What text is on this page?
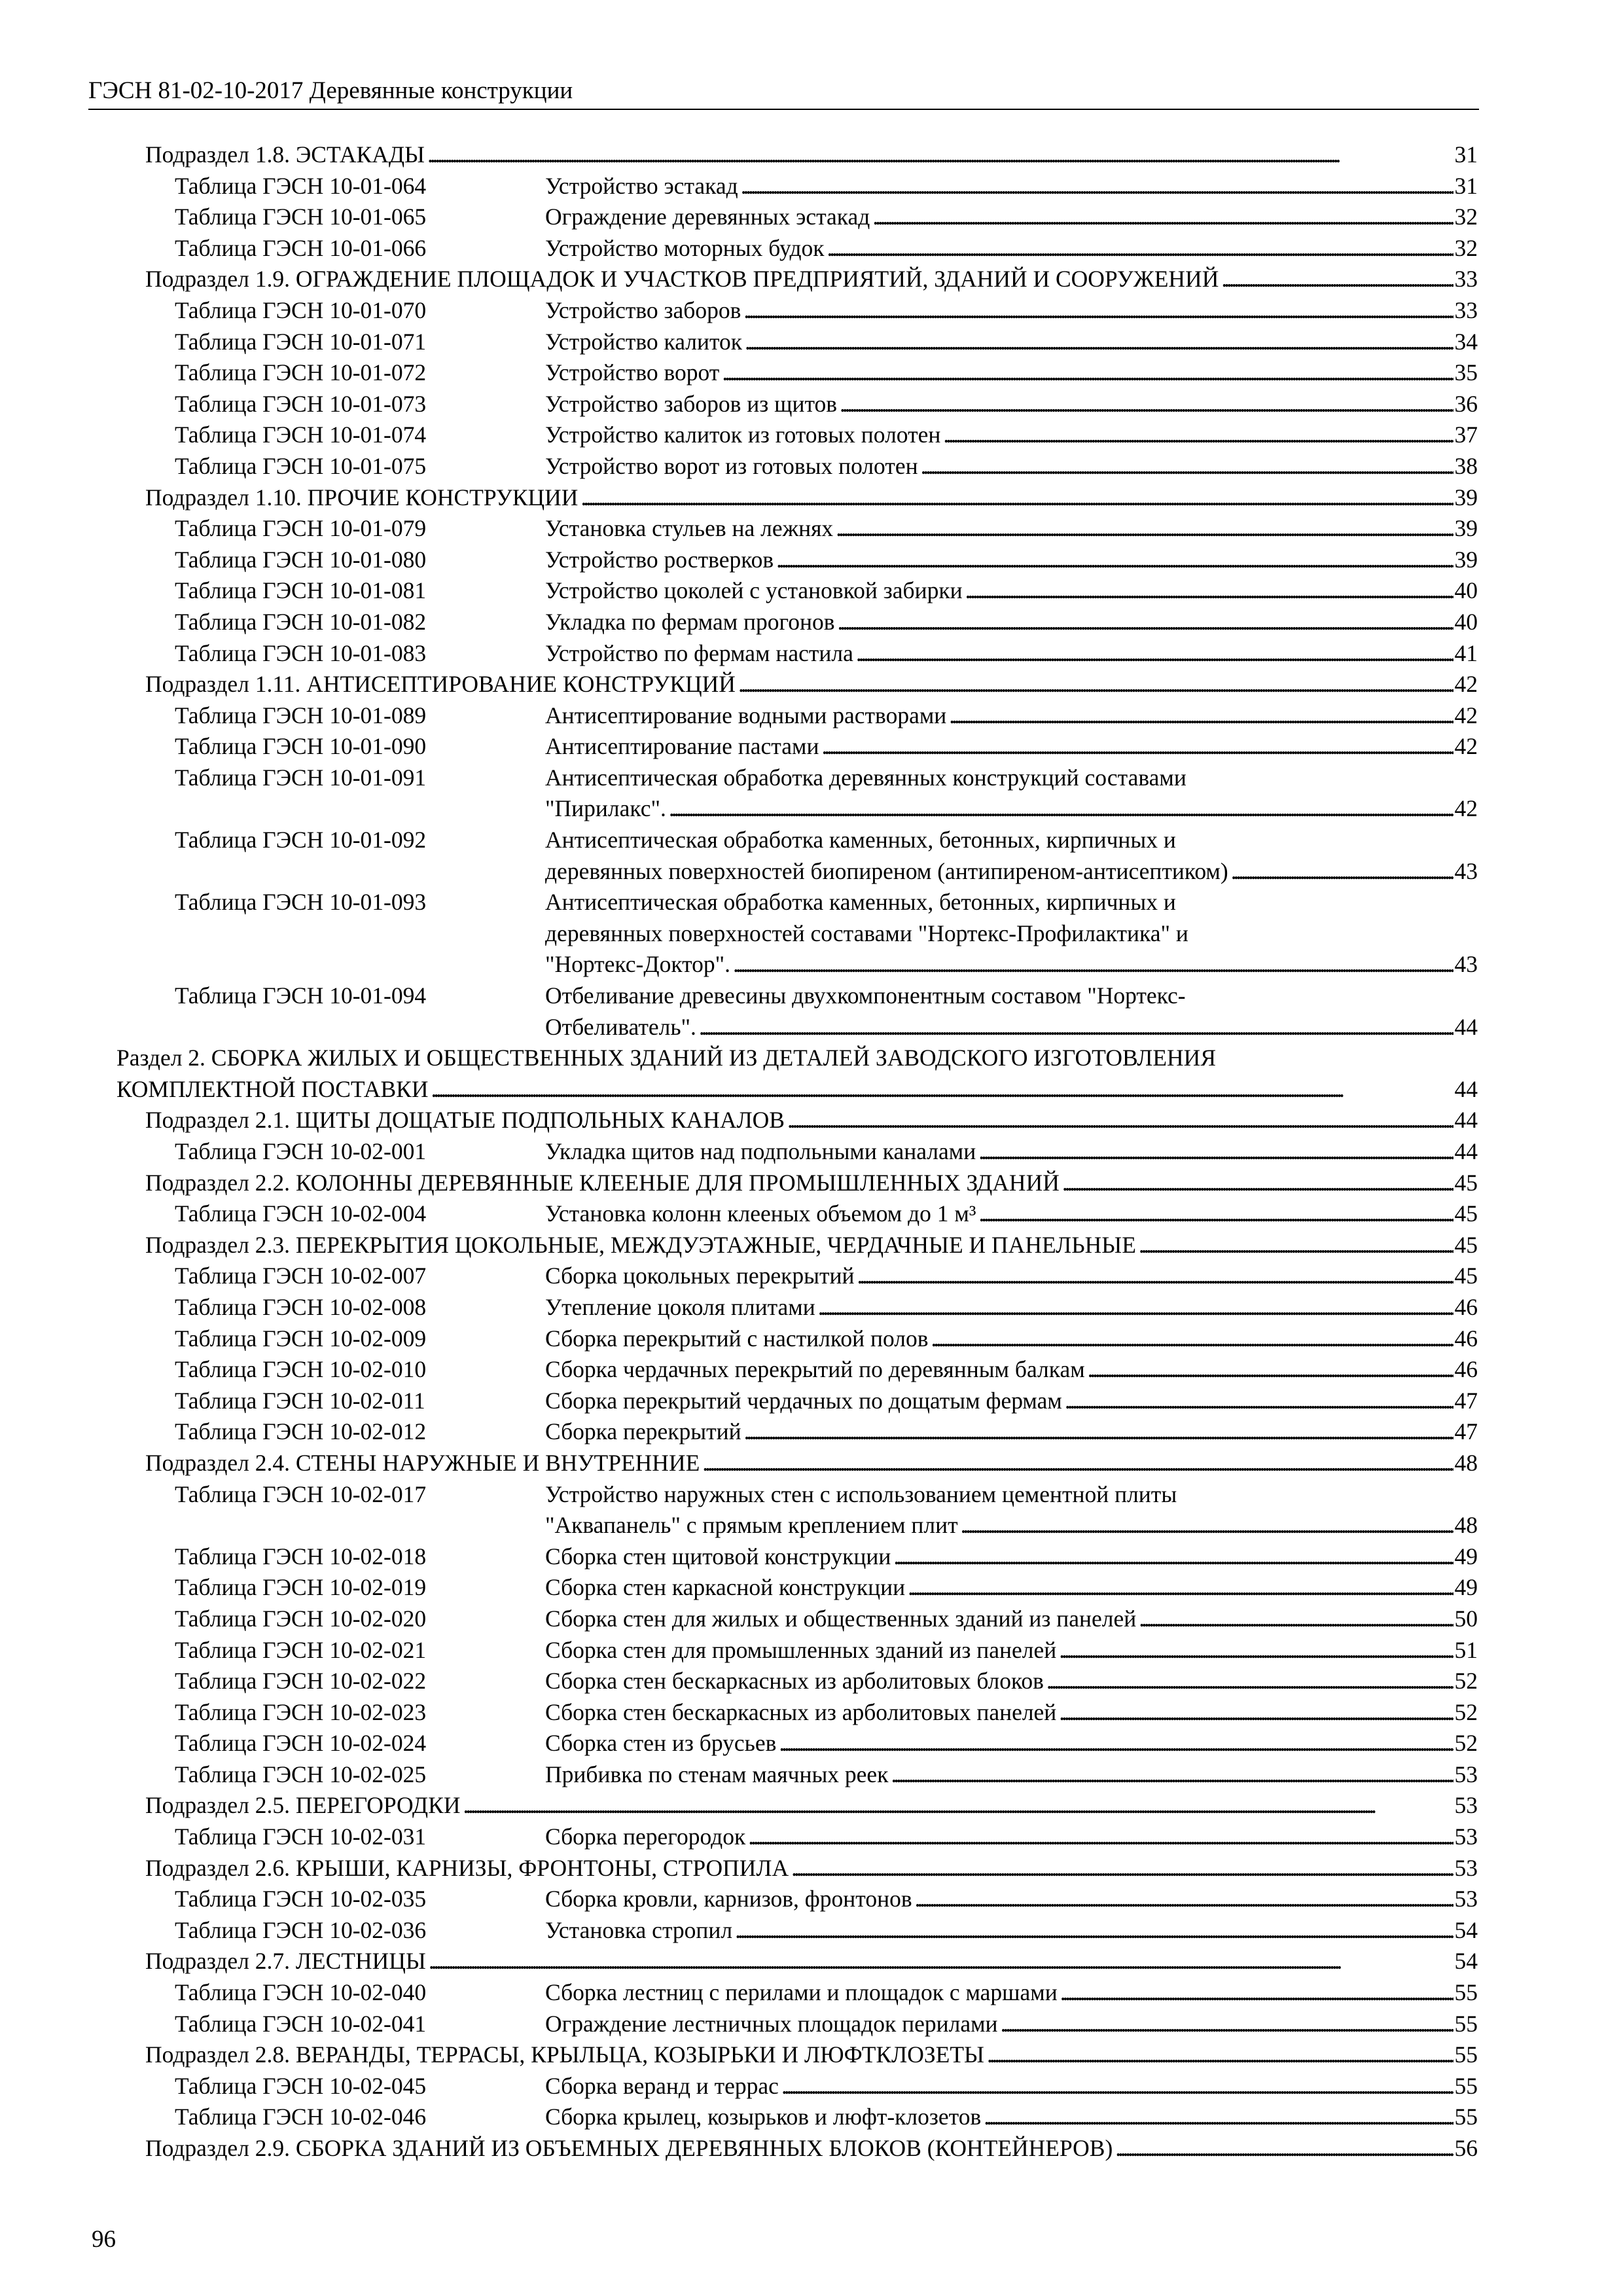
ГЭСН 81-02-10-2017 Деревянные конструкции
Подраздел 1.8. ЭСТАКАДЫ . . .	31
Таблица ГЭСН 10-01-064	Устройство эстакад . . .	31
Таблица ГЭСН 10-01-065	Ограждение деревянных эстакад . . .	32
Таблица ГЭСН 10-01-066	Устройство моторных будок . . .	32
Подраздел 1.9. ОГРАЖДЕНИЕ ПЛОЩАДОК И УЧАСТКОВ ПРЕДПРИЯТИЙ, ЗДАНИЙ И СООРУЖЕНИЙ . . .	33
Таблица ГЭСН 10-01-070	Устройство заборов . . .	33
Таблица ГЭСН 10-01-071	Устройство калиток . . .	34
Таблица ГЭСН 10-01-072	Устройство ворот . . .	35
Таблица ГЭСН 10-01-073	Устройство заборов из щитов . . .	36
Таблица ГЭСН 10-01-074	Устройство калиток из готовых полотен . . .	37
Таблица ГЭСН 10-01-075	Устройство ворот из готовых полотен . . .	38
Подраздел 1.10. ПРОЧИЕ КОНСТРУКЦИИ . . .	39
Таблица ГЭСН 10-01-079	Установка стульев на лежнях . . .	39
Таблица ГЭСН 10-01-080	Устройство ростверков . . .	39
Таблица ГЭСН 10-01-081	Устройство цоколей с установкой забирки . . .	40
Таблица ГЭСН 10-01-082	Укладка по фермам прогонов . . .	40
Таблица ГЭСН 10-01-083	Устройство по фермам настила . . .	41
Подраздел 1.11. АНТИСЕПТИРОВАНИЕ КОНСТРУКЦИЙ . . .	42
Таблица ГЭСН 10-01-089	Антисептирование водными растворами . . .	42
Таблица ГЭСН 10-01-090	Антисептирование пастами . . .	42
Таблица ГЭСН 10-01-091	Антисептическая обработка деревянных конструкций составами
"Пирилакс". . . .	42
Таблица ГЭСН 10-01-092	Антисептическая обработка каменных, бетонных, кирпичных и
деревянных поверхностей биопиреном (антипиреном-антисептиком) . . .	43
Таблица ГЭСН 10-01-093	Антисептическая обработка каменных, бетонных, кирпичных и
деревянных поверхностей составами "Нортекс-Профилактика" и
"Нортекс-Доктор". . . .	43
Таблица ГЭСН 10-01-094	Отбеливание древесины двухкомпонентным составом "Нортекс-
Отбеливатель". . . .	44
Раздел 2. СБОРКА ЖИЛЫХ И ОБЩЕСТВЕННЫХ ЗДАНИЙ ИЗ ДЕТАЛЕЙ ЗАВОДСКОГО ИЗГОТОВЛЕНИЯ
КОМПЛЕКТНОЙ ПОСТАВКИ . . .	44
Подраздел 2.1. ЩИТЫ ДОЩАТЫЕ ПОДПОЛЬНЫХ КАНАЛОВ . . .	44
Таблица ГЭСН 10-02-001	Укладка щитов над подпольными каналами . . .	44
Подраздел 2.2. КОЛОННЫ ДЕРЕВЯННЫЕ КЛЕЕНЫЕ ДЛЯ ПРОМЫШЛЕННЫХ ЗДАНИЙ . . .	45
Таблица ГЭСН 10-02-004	Установка колонн клееных объемом до 1 м³ . . .	45
Подраздел 2.3. ПЕРЕКРЫТИЯ ЦОКОЛЬНЫЕ, МЕЖДУЭТАЖНЫЕ, ЧЕРДАЧНЫЕ И ПАНЕЛЬНЫЕ . . .	45
Таблица ГЭСН 10-02-007	Сборка цокольных перекрытий . . .	45
Таблица ГЭСН 10-02-008	Утепление цоколя плитами . . .	46
Таблица ГЭСН 10-02-009	Сборка перекрытий с настилкой полов . . .	46
Таблица ГЭСН 10-02-010	Сборка чердачных перекрытий по деревянным балкам . . .	46
Таблица ГЭСН 10-02-011	Сборка перекрытий чердачных по дощатым фермам . . .	47
Таблица ГЭСН 10-02-012	Сборка перекрытий . . .	47
Подраздел 2.4. СТЕНЫ НАРУЖНЫЕ И ВНУТРЕННИЕ . . .	48
Таблица ГЭСН 10-02-017	Устройство наружных стен с использованием цементной плиты
"Аквапанель" с прямым креплением плит . . .	48
Таблица ГЭСН 10-02-018	Сборка стен щитовой конструкции . . .	49
Таблица ГЭСН 10-02-019	Сборка стен каркасной конструкции . . .	49
Таблица ГЭСН 10-02-020	Сборка стен для жилых и общественных зданий из панелей . . .	50
Таблица ГЭСН 10-02-021	Сборка стен для промышленных зданий из панелей . . .	51
Таблица ГЭСН 10-02-022	Сборка стен бескаркасных из арболитовых блоков . . .	52
Таблица ГЭСН 10-02-023	Сборка стен бескаркасных из арболитовых панелей . . .	52
Таблица ГЭСН 10-02-024	Сборка стен из брусьев . . .	52
Таблица ГЭСН 10-02-025	Прибивка по стенам маячных реек . . .	53
Подраздел 2.5. ПЕРЕГОРОДКИ . . .	53
Таблица ГЭСН 10-02-031	Сборка перегородок . . .	53
Подраздел 2.6. КРЫШИ, КАРНИЗЫ, ФРОНТОНЫ, СТРОПИЛА . . .	53
Таблица ГЭСН 10-02-035	Сборка кровли, карнизов, фронтонов . . .	53
Таблица ГЭСН 10-02-036	Установка стропил . . .	54
Подраздел 2.7. ЛЕСТНИЦЫ . . .	54
Таблица ГЭСН 10-02-040	Сборка лестниц с перилами и площадок с маршами . . .	55
Таблица ГЭСН 10-02-041	Ограждение лестничных площадок перилами . . .	55
Подраздел 2.8. ВЕРАНДЫ, ТЕРРАСЫ, КРЫЛЬЦА, КОЗЫРЬКИ И ЛЮФТКЛОЗЕТЫ . . .	55
Таблица ГЭСН 10-02-045	Сборка веранд и террас . . .	55
Таблица ГЭСН 10-02-046	Сборка крылец, козырьков и люфт-клозетов . . .	55
Подраздел 2.9. СБОРКА ЗДАНИЙ ИЗ ОБЪЕМНЫХ ДЕРЕВЯННЫХ БЛОКОВ (КОНТЕЙНЕРОВ) . . .	56
96
